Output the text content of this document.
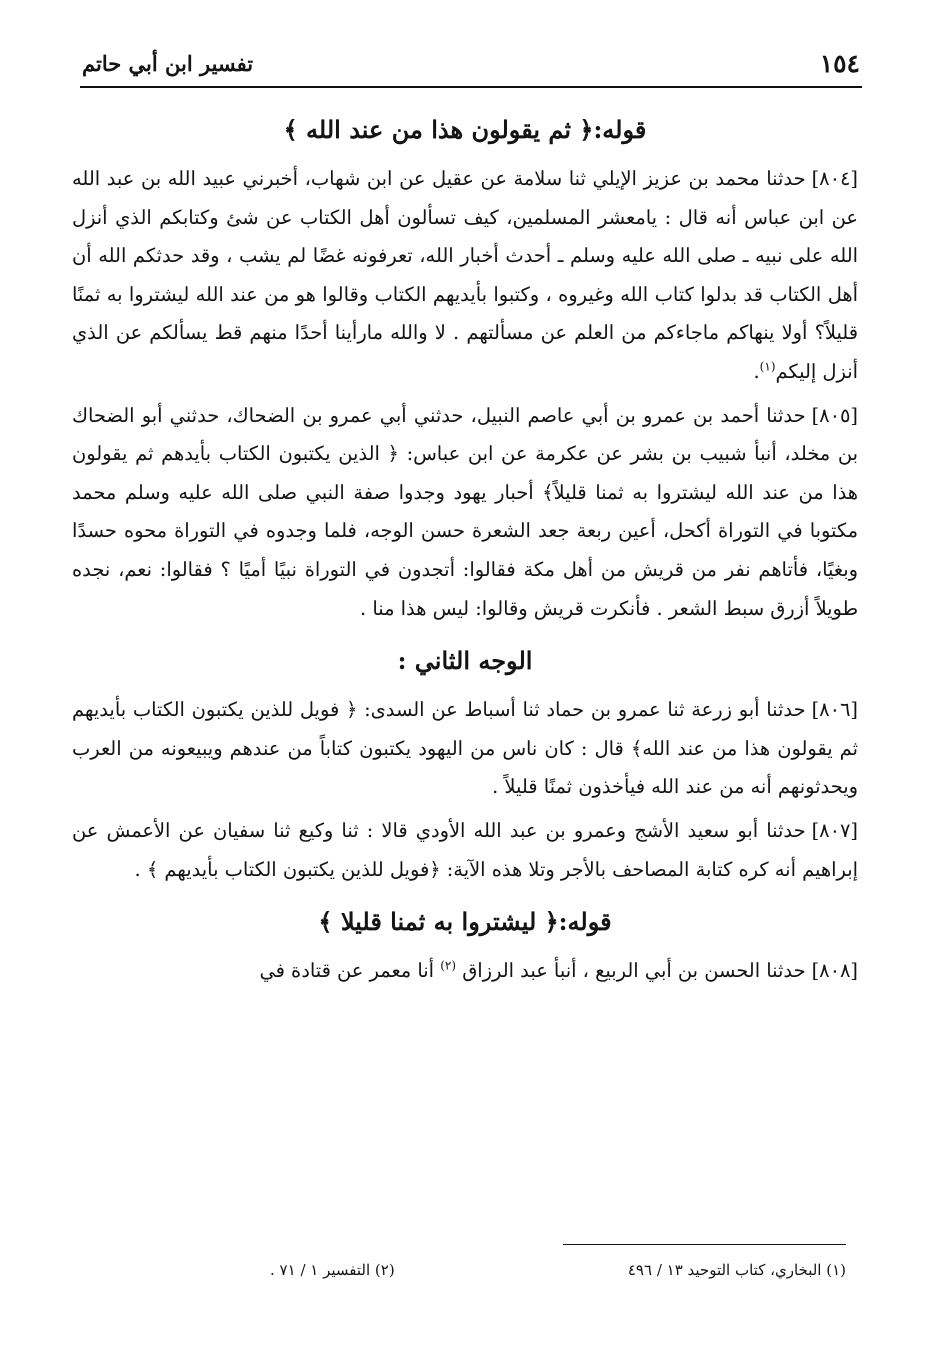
١٥٤
تفسير ابن أبي حاتم
قوله:﴿ ثم يقولون هذا من عند الله ﴾

[٨٠٤]حدثنا محمد بن عزيز الإيلي ثنا سلامة عن عقيل عن ابن شهاب، أخبرني عبيد الله بن عبد الله عن ابن عباس أنه قال : يامعشر المسلمين، كيف تسألون أهل الكتاب عن شئ وكتابكم الذي أنزل الله على نبيه ـ صلى الله عليه وسلم ـ أحدث أخبار الله، تعرفونه غضًا لم يشب ، وقد حدثكم الله أن أهل الكتاب قد بدلوا كتاب الله وغيروه ، وكتبوا بأيديهم الكتاب وقالوا هو من عند الله ليشتروا به ثمنًا قليلاً؟ أولا ينهاكم ماجاءكم من العلم عن مسألتهم . لا والله مارأينا أحدًا منهم قط يسألكم عن الذي أنزل إليكم$^{(١)}$.

[٨٠٥]حدثنا أحمد بن عمرو بن أبي عاصم النبيل، حدثني أبي عمرو بن الضحاك، حدثني أبو الضحاك بن مخلد، أنبأ شبيب بن بشر عن عكرمة عن ابن عباس: ﴿ الذين يكتبون الكتاب بأيدهم ثم يقولون هذا من عند الله ليشتروا به ثمنا قليلاً﴾ أحبار يهود وجدوا صفة النبي صلى الله عليه وسلم محمد مكتوبا في التوراة أكحل، أعين ربعة جعد الشعرة حسن الوجه، فلما وجدوه في التوراة محوه حسدًا وبغيًا، فأتاهم نفر من قريش من أهل مكة فقالوا: أتجدون في التوراة نبيًا أميًا ؟ فقالوا: نعم، نجده طويلاً أزرق سبط الشعر . فأنكرت قريش وقالوا: ليس هذا منا .

الوجه الثاني :

[٨٠٦]حدثنا أبو زرعة ثنا عمرو بن حماد ثنا أسباط عن السدى: ﴿ فويل للذين يكتبون الكتاب بأيديهم ثم يقولون هذا من عند الله﴾ قال : كان ناس من اليهود يكتبون كتاباً من عندهم ويبيعونه من العرب ويحدثونهم أنه من عند الله فيأخذون ثمنًا قليلاً .

[٨٠٧]حدثنا أبو سعيد الأشج وعمرو بن عبد الله الأودي قالا : ثنا وكيع ثنا سفيان عن الأعمش عن إبراهيم أنه كره كتابة المصاحف بالأجر وتلا هذه الآية: ﴿فويل للذين يكتبون الكتاب بأيديهم ﴾ .

قوله:﴿ ليشتروا به ثمنا قليلا ﴾

[٨٠٨]حدثنا الحسن بن أبي الربيع ، أنبأ عبد الرزاق $^{(٢)}$ أنا معمر عن قتادة في

(١) البخاري، كتاب التوحيد ١٣ / ٤٩٦
(٢) التفسير ١ / ٧١ .
